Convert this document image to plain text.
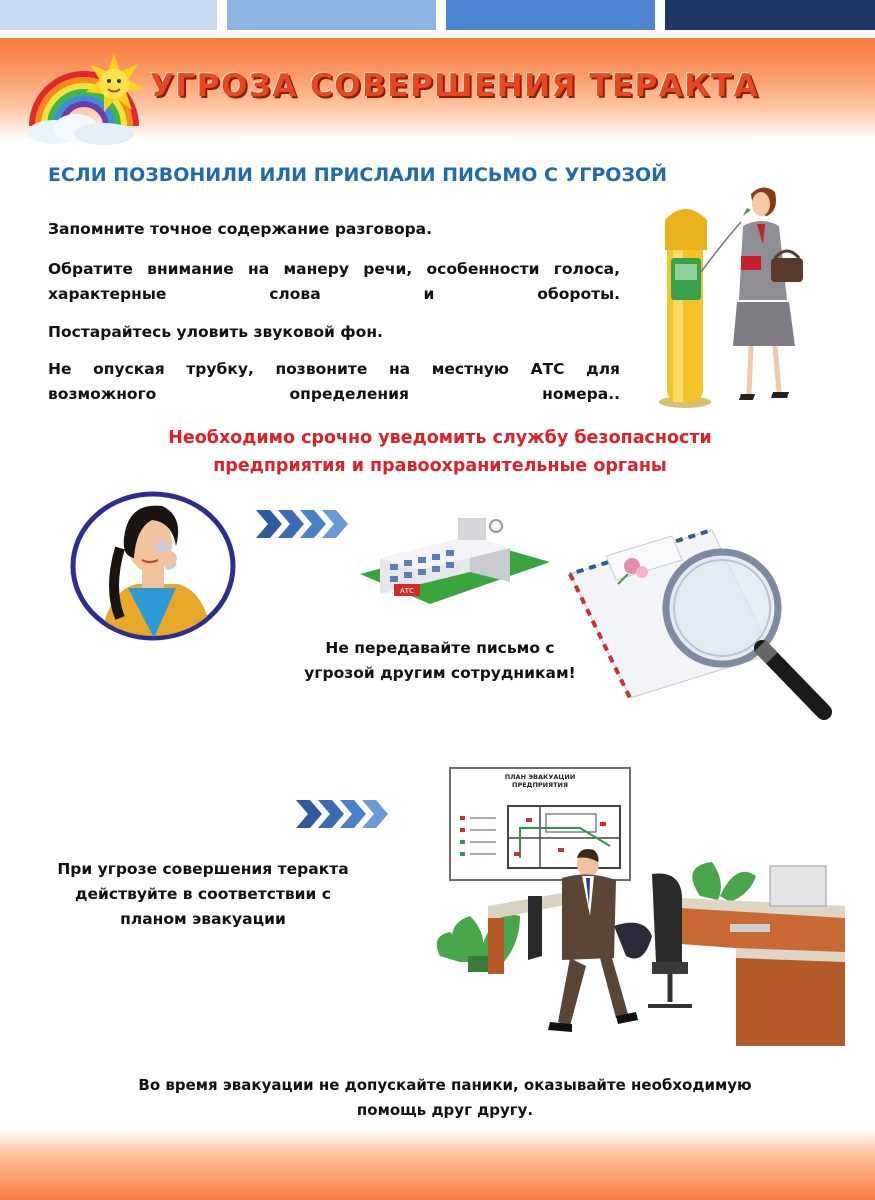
УГРОЗА СОВЕРШЕНИЯ ТЕРАКТА
ЕСЛИ ПОЗВОНИЛИ ИЛИ ПРИСЛАЛИ ПИСЬМО С УГРОЗОЙ
Запомните точное содержание разговора.
Обратите внимание на манеру речи, особенности голоса, характерные слова и обороты.
Постарайтесь уловить звуковой фон.
Не опуская трубку, позвоните на местную АТС для возможного определения номера..
Необходимо срочно уведомить службу безопасности
предприятия и правоохранительные органы
АТС
Не передавайте письмо с
угрозой другим сотрудникам!
При угрозе совершения теракта
действуйте в соответствии с
планом эвакуации
ПЛАН ЭВАКУАЦИИ
ПРЕДПРИЯТИЯ
Во время эвакуации не допускайте паники, оказывайте необходимую
помощь друг другу.
